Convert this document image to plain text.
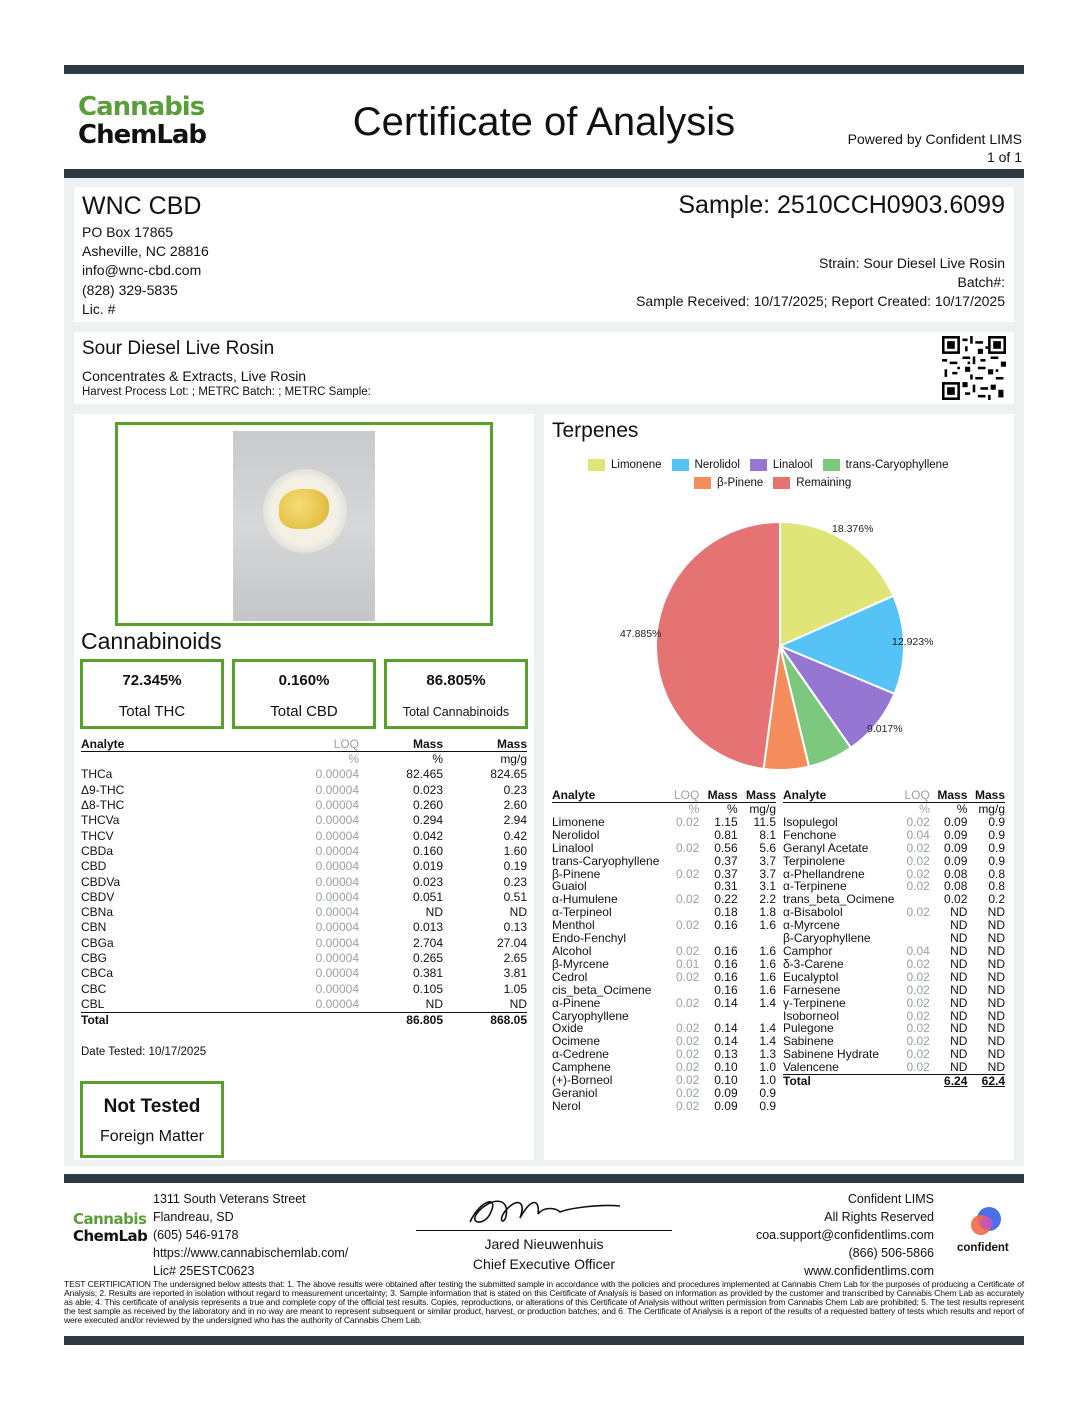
Cannabis
ChemLab	Certificate of Analysis	Powered by Confident LIMS
1 of 1
WNC CBD
PO Box 17865
Asheville, NC 28816
info@wnc-cbd.com
(828) 329-5835
Lic. #
Sample: 2510CCH0903.6099
Strain: Sour Diesel Live Rosin
Batch#:
Sample Received: 10/17/2025; Report Created: 10/17/2025
Sour Diesel Live Rosin
Concentrates & Extracts, Live Rosin
Harvest Process Lot: ; METRC Batch: ; METRC Sample:
Cannabinoids
72.345%
Total THC
0.160%
Total CBD
86.805%
Total Cannabinoids
Analyte	LOQ	Mass	Mass
	%	%	mg/g
THCa	0.00004	82.465	824.65
Δ9-THC	0.00004	0.023	0.23
Δ8-THC	0.00004	0.260	2.60
THCVa	0.00004	0.294	2.94
THCV	0.00004	0.042	0.42
CBDa	0.00004	0.160	1.60
CBD	0.00004	0.019	0.19
CBDVa	0.00004	0.023	0.23
CBDV	0.00004	0.051	0.51
CBNa	0.00004	ND	ND
CBN	0.00004	0.013	0.13
CBGa	0.00004	2.704	27.04
CBG	0.00004	0.265	2.65
CBCa	0.00004	0.381	3.81
CBC	0.00004	0.105	1.05
CBL	0.00004	ND	ND
Total		86.805	868.05
Date Tested: 10/17/2025
Not Tested
Foreign Matter
Terpenes
Limonene	Nerolidol	Linalool	trans-Caryophyllene
β-Pinene	Remaining
18.376%
12.923%
9.017%
47.885%
Analyte	LOQ	Mass	Mass
	%	%	mg/g
Limonene	0.02	1.15	11.5
Nerolidol		0.81	8.1
Linalool	0.02	0.56	5.6
trans-Caryophyllene		0.37	3.7
β-Pinene	0.02	0.37	3.7
Guaiol		0.31	3.1
α-Humulene	0.02	0.22	2.2
α-Terpineol		0.18	1.8
Menthol	0.02	0.16	1.6
Endo-Fenchyl Alcohol	0.02	0.16	1.6
β-Myrcene	0.01	0.16	1.6
Cedrol	0.02	0.16	1.6
cis_beta_Ocimene		0.16	1.6
α-Pinene	0.02	0.14	1.4
Caryophyllene Oxide	0.02	0.14	1.4
Ocimene	0.02	0.14	1.4
α-Cedrene	0.02	0.13	1.3
Camphene	0.02	0.10	1.0
(+)-Borneol	0.02	0.10	1.0
Geraniol	0.02	0.09	0.9
Nerol	0.02	0.09	0.9
Analyte	LOQ	Mass	Mass
	%	%	mg/g
Isopulegol	0.02	0.09	0.9
Fenchone	0.04	0.09	0.9
Geranyl Acetate	0.02	0.09	0.9
Terpinolene	0.02	0.09	0.9
α-Phellandrene	0.02	0.08	0.8
α-Terpinene	0.02	0.08	0.8
trans_beta_Ocimene		0.02	0.2
α-Bisabolol	0.02	ND	ND
α-Myrcene		ND	ND
β-Caryophyllene		ND	ND
Camphor	0.04	ND	ND
δ-3-Carene	0.02	ND	ND
Eucalyptol	0.02	ND	ND
Farnesene	0.02	ND	ND
γ-Terpinene	0.02	ND	ND
Isoborneol	0.02	ND	ND
Pulegone	0.02	ND	ND
Sabinene	0.02	ND	ND
Sabinene Hydrate	0.02	ND	ND
Valencene	0.02	ND	ND
Total		6.24	62.4
Cannabis
ChemLab
1311 South Veterans Street
Flandreau, SD
(605) 546-9178
https://www.cannabischemlab.com/
Lic# 25ESTC0623
Jared Nieuwenhuis
Chief Executive Officer
Confident LIMS
All Rights Reserved
coa.support@confidentlims.com
(866) 506-5866
www.confidentlims.com
confident
TEST CERTIFICATION The undersigned below attests that: 1. The above results were obtained after testing the submitted sample in accordance with the policies and procedures implemented at Cannabis Chem Lab for the purposes of producing a Certificate of Analysis; 2. Results are reported in isolation without regard to measurement uncertainty; 3. Sample information that is stated on this Certificate of Analysis is based on information as provided by the customer and transcribed by Cannabis Chem Lab as accurately as able; 4. This certificate of analysis represents a true and complete copy of the official test results. Copies, reproductions, or alterations of this Certificate of Analysis without written permission from Cannabis Chem Lab are prohibited; 5. The test results represent the test sample as received by the laboratory and in no way are meant to represent subsequent or similar product, harvest, or production batches; and 6. The Certificate of Analysis is a report of the results of a requested battery of tests which results and report of were executed and/or reviewed by the undersigned who has the authority of Cannabis Chem Lab.
